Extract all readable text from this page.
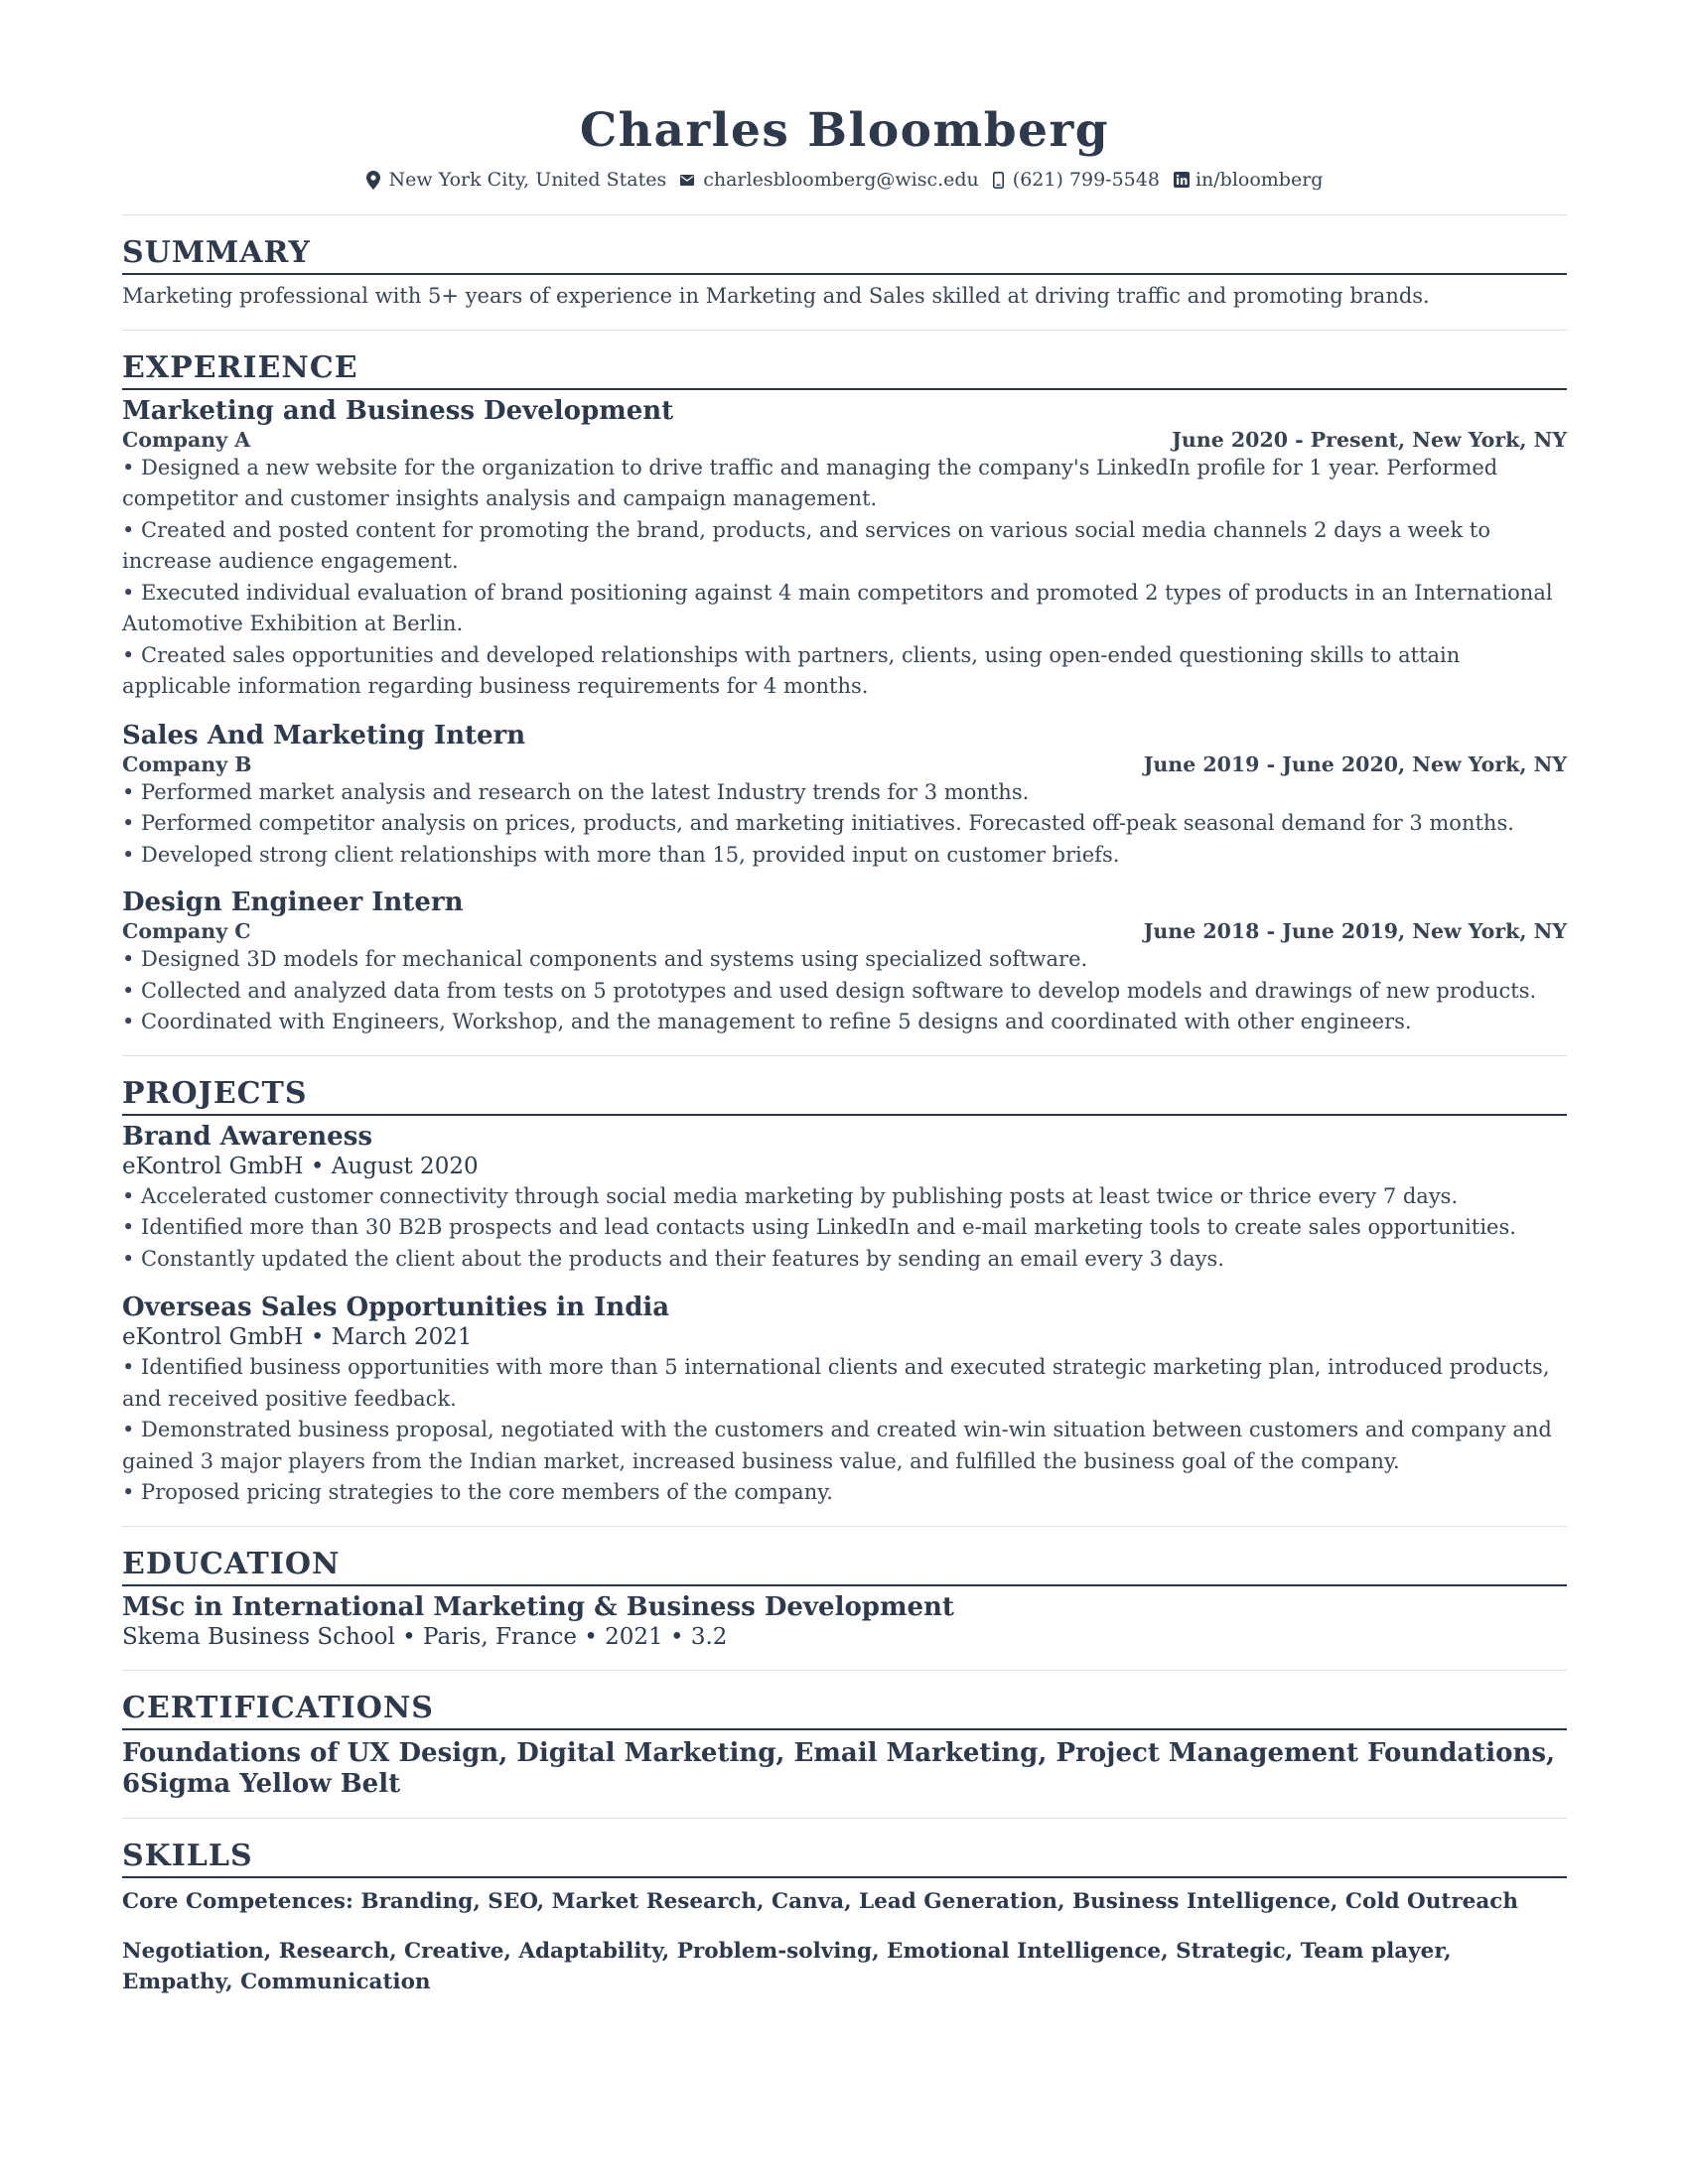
Charles Bloomberg
New York City, United States charlesbloomberg@wisc.edu (621) 799-5548 in/bloomberg
SUMMARY
Marketing professional with 5+ years of experience in Marketing and Sales skilled at driving traffic and promoting brands.
EXPERIENCE
Marketing and Business Development
Company A	June 2020 - Present, New York, NY
• Designed a new website for the organization to drive traffic and managing the company's LinkedIn profile for 1 year. Performed competitor and customer insights analysis and campaign management.
• Created and posted content for promoting the brand, products, and services on various social media channels 2 days a week to increase audience engagement.
• Executed individual evaluation of brand positioning against 4 main competitors and promoted 2 types of products in an International Automotive Exhibition at Berlin.
• Created sales opportunities and developed relationships with partners, clients, using open-ended questioning skills to attain applicable information regarding business requirements for 4 months.
Sales And Marketing Intern
Company B	June 2019 - June 2020, New York, NY
• Performed market analysis and research on the latest Industry trends for 3 months.
• Performed competitor analysis on prices, products, and marketing initiatives. Forecasted off-peak seasonal demand for 3 months.
• Developed strong client relationships with more than 15, provided input on customer briefs.
Design Engineer Intern
Company C	June 2018 - June 2019, New York, NY
• Designed 3D models for mechanical components and systems using specialized software.
• Collected and analyzed data from tests on 5 prototypes and used design software to develop models and drawings of new products.
• Coordinated with Engineers, Workshop, and the management to refine 5 designs and coordinated with other engineers.
PROJECTS
Brand Awareness
eKontrol GmbH • August 2020
• Accelerated customer connectivity through social media marketing by publishing posts at least twice or thrice every 7 days.
• Identified more than 30 B2B prospects and lead contacts using LinkedIn and e-mail marketing tools to create sales opportunities.
• Constantly updated the client about the products and their features by sending an email every 3 days.
Overseas Sales Opportunities in India
eKontrol GmbH • March 2021
• Identified business opportunities with more than 5 international clients and executed strategic marketing plan, introduced products, and received positive feedback.
• Demonstrated business proposal, negotiated with the customers and created win-win situation between customers and company and gained 3 major players from the Indian market, increased business value, and fulfilled the business goal of the company.
• Proposed pricing strategies to the core members of the company.
EDUCATION
MSc in International Marketing & Business Development
Skema Business School • Paris, France • 2021 • 3.2
CERTIFICATIONS
Foundations of UX Design, Digital Marketing, Email Marketing, Project Management Foundations, 6Sigma Yellow Belt
SKILLS
Core Competences: Branding, SEO, Market Research, Canva, Lead Generation, Business Intelligence, Cold Outreach
Negotiation, Research, Creative, Adaptability, Problem-solving, Emotional Intelligence, Strategic, Team player, Empathy, Communication
